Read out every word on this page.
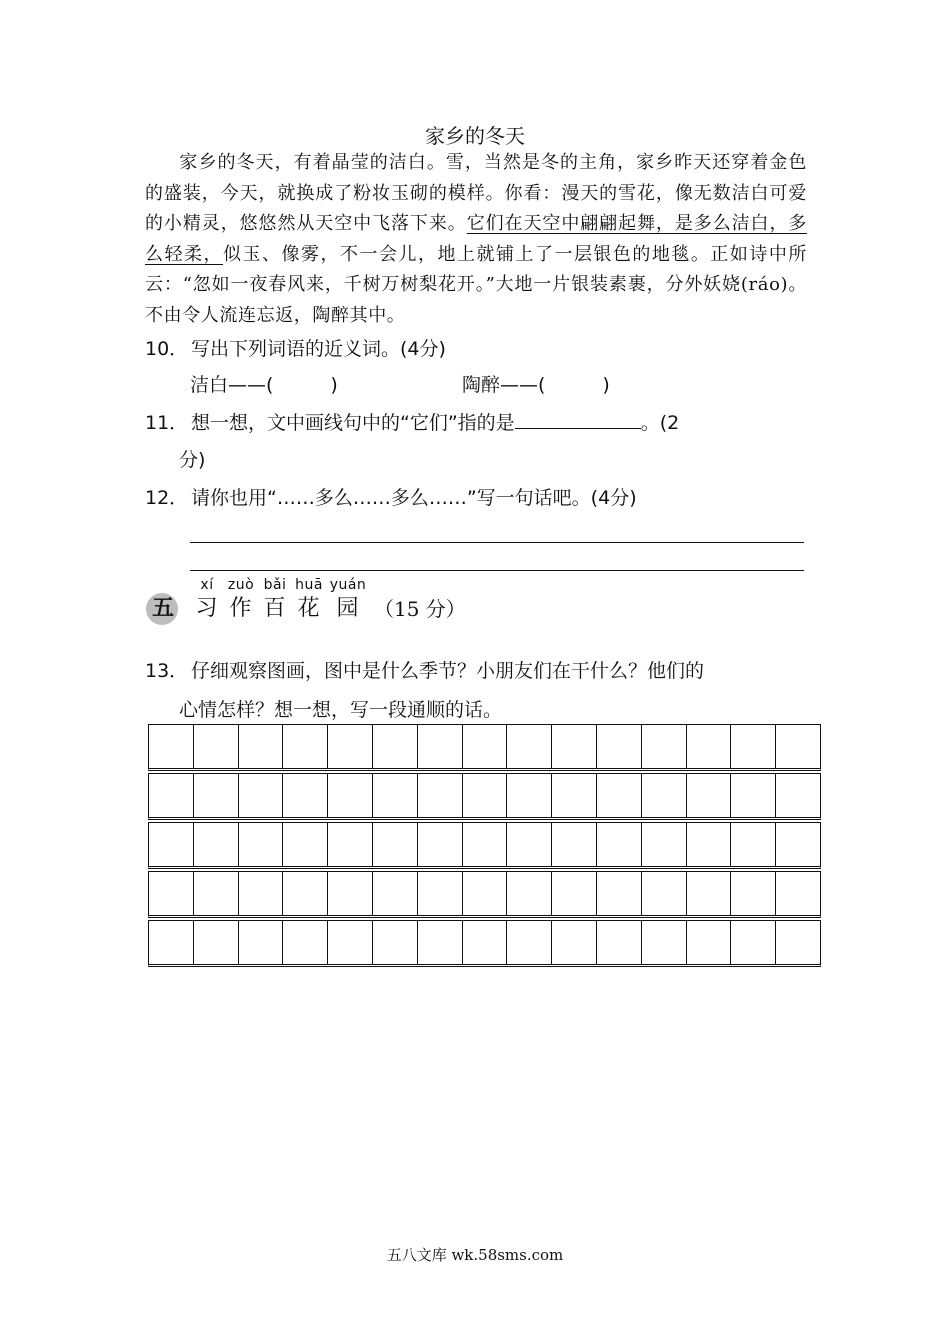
家乡的冬天
家乡的冬天，有着晶莹的洁白。雪，当然是冬的主角，家乡昨天还穿着金色的盛装，今天，就换成了粉妆玉砌的模样。你看：漫天的雪花，像无数洁白可爱的小精灵，悠悠然从天空中飞落下来。它们在天空中翩翩起舞，是多么洁白，多么轻柔，似玉、像雾，不一会儿，地上就铺上了一层银色的地毯。正如诗中所云：“忽如一夜春风来，千树万树梨花开。”大地一片银装素裹，分外妖娆(ráo)。不由令人流连忘返，陶醉其中。
10． 写出下列词语的近义词。(4分)
洁白——(　　　)	陶醉——(　　　)
11． 想一想，文中画线句中的“它们”指的是	。(2
分)
12． 请你也用“……多么……多么……”写一句话吧。(4分)
五
xí zuò bǎi huā yuán
习 作 百 花 园 （15 分）
13． 仔细观察图画，图中是什么季节？小朋友们在干什么？他们的
心情怎样？想一想，写一段通顺的话。
五八文库 wk.58sms.com
